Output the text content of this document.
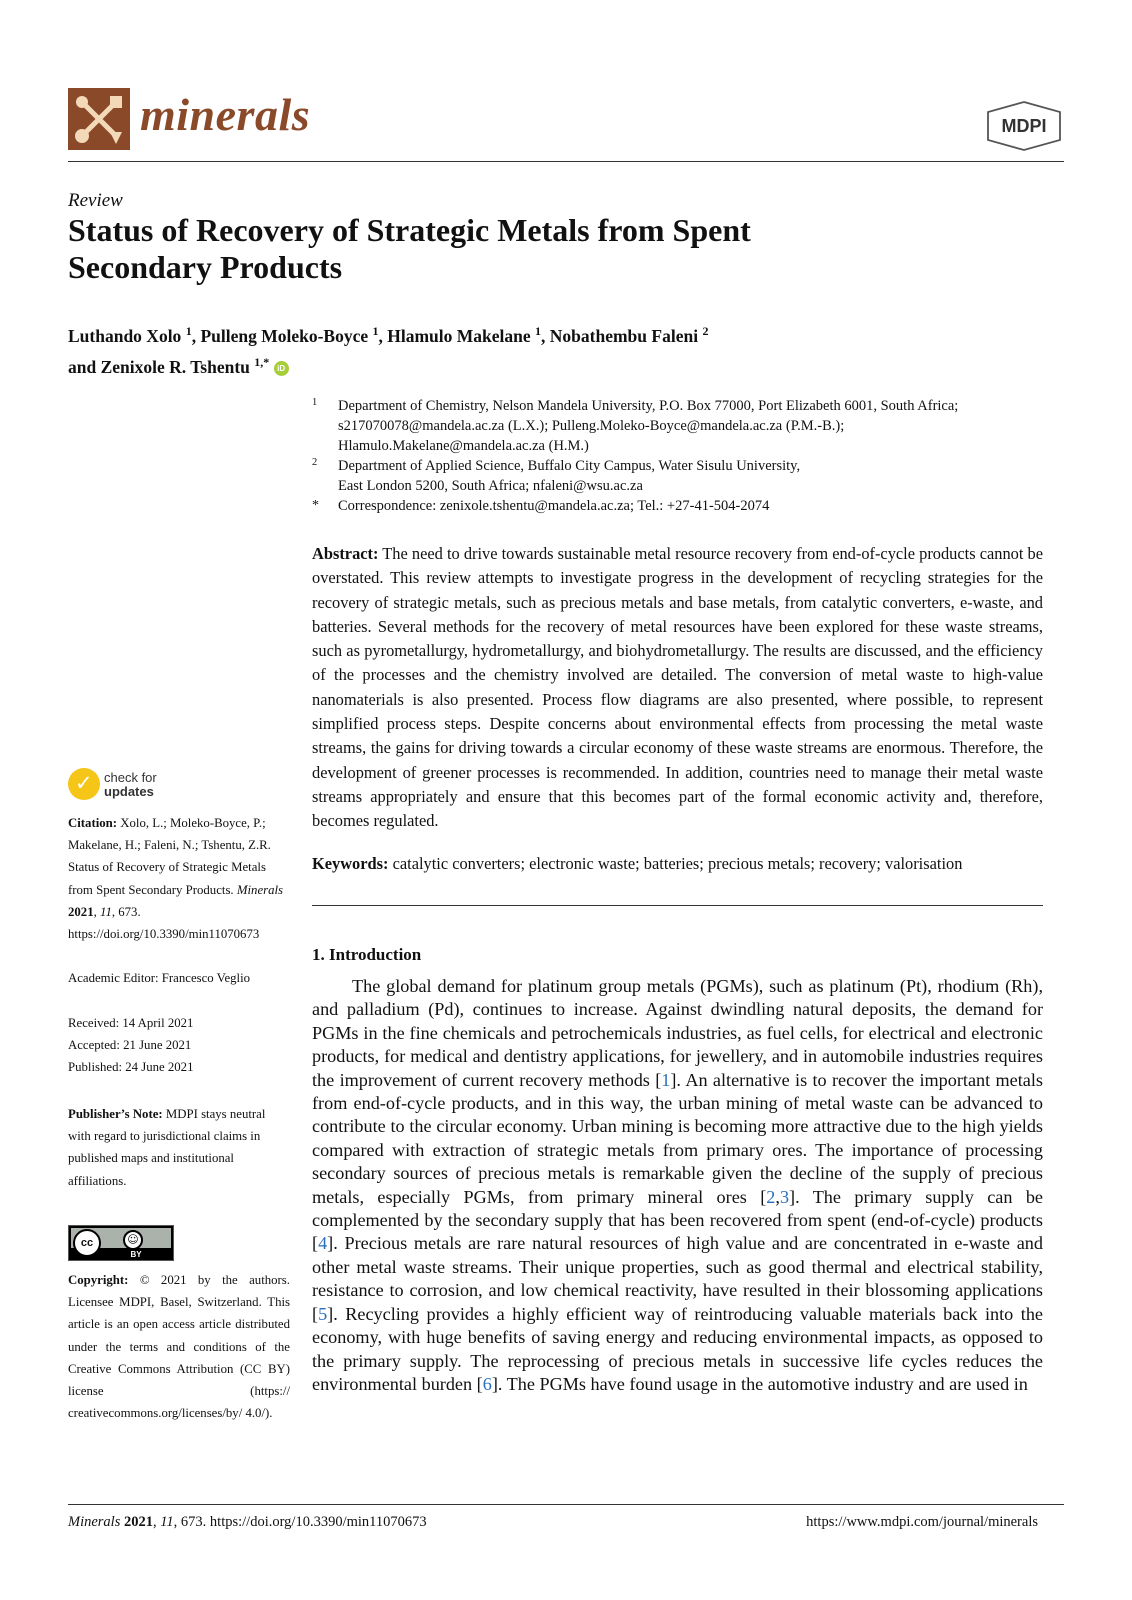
minerals	MDPI
Review
Status of Recovery of Strategic Metals from Spent
Secondary Products
Luthando Xolo $^1$, Pulleng Moleko-Boyce $^1$, Hlamulo Makelane $^1$, Nobathembu Faleni $^2$
and Zenixole R. Tshentu $^{1,*}$ iD
1 Department of Chemistry, Nelson Mandela University, P.O. Box 77000, Port Elizabeth 6001, South Africa;
s217070078@mandela.ac.za (L.X.); Pulleng.Moleko-Boyce@mandela.ac.za (P.M.-B.);
Hlamulo.Makelane@mandela.ac.za (H.M.)
2 Department of Applied Science, Buffalo City Campus, Water Sisulu University,
East London 5200, South Africa; nfaleni@wsu.ac.za
* Correspondence: zenixole.tshentu@mandela.ac.za; Tel.: +27-41-504-2074

Abstract: The need to drive towards sustainable metal resource recovery from end-of-cycle products cannot be overstated. This review attempts to investigate progress in the development of recycling strategies for the recovery of strategic metals, such as precious metals and base metals, from catalytic converters, e-waste, and batteries. Several methods for the recovery of metal resources have been explored for these waste streams, such as pyrometallurgy, hydrometallurgy, and biohydrometallurgy. The results are discussed, and the efficiency of the processes and the chemistry involved are detailed. The conversion of metal waste to high-value nanomaterials is also presented. Process flow diagrams are also presented, where possible, to represent simplified process steps. Despite concerns about environmental effects from processing the metal waste streams, the gains for driving towards a circular economy of these waste streams are enormous. Therefore, the development of greener processes is recommended. In addition, countries need to manage their metal waste streams appropriately and ensure that this becomes part of the formal economic activity and, therefore, becomes regulated.

Keywords: catalytic converters; electronic waste; batteries; precious metals; recovery; valorisation

1. Introduction

The global demand for platinum group metals (PGMs), such as platinum (Pt), rhodium (Rh), and palladium (Pd), continues to increase. Against dwindling natural deposits, the demand for PGMs in the fine chemicals and petrochemicals industries, as fuel cells, for electrical and electronic products, for medical and dentistry applications, for jewellery, and in automobile industries requires the improvement of current recovery methods [1]. An alternative is to recover the important metals from end-of-cycle products, and in this way, the urban mining of metal waste can be advanced to contribute to the circular economy. Urban mining is becoming more attractive due to the high yields compared with extraction of strategic metals from primary ores. The importance of processing secondary sources of precious metals is remarkable given the decline of the supply of precious metals, especially PGMs, from primary mineral ores [2,3]. The primary supply can be complemented by the secondary supply that has been recovered from spent (end-of-cycle) products [4]. Precious metals are rare natural resources of high value and are concentrated in e-waste and other metal waste streams. Their unique properties, such as good thermal and electrical stability, resistance to corrosion, and low chemical reactivity, have resulted in their blossoming applications [5]. Recycling provides a highly efficient way of reintroducing valuable materials back into the economy, with huge benefits of saving energy and reducing environmental impacts, as opposed to the primary supply. The reprocessing of precious metals in successive life cycles reduces the environmental burden [6]. The PGMs have found usage in the automotive industry and are used in

✓ check for
updates
Citation: Xolo, L.; Moleko-Boyce, P.; Makelane, H.; Faleni, N.; Tshentu, Z.R. Status of Recovery of Strategic Metals from Spent Secondary Products. Minerals 2021, 11, 673. https://doi.org/10.3390/min11070673
Academic Editor: Francesco Veglio
Received: 14 April 2021
Accepted: 21 June 2021
Published: 24 June 2021
Publisher’s Note: MDPI stays neutral with regard to jurisdictional claims in published maps and institutional affiliations.
cc	☺
BY
Copyright: © 2021 by the authors. Licensee MDPI, Basel, Switzerland. This article is an open access article distributed under the terms and conditions of the Creative Commons Attribution (CC BY) license (https:// creativecommons.org/licenses/by/ 4.0/).
Minerals 2021, 11, 673. https://doi.org/10.3390/min11070673	https://www.mdpi.com/journal/minerals
